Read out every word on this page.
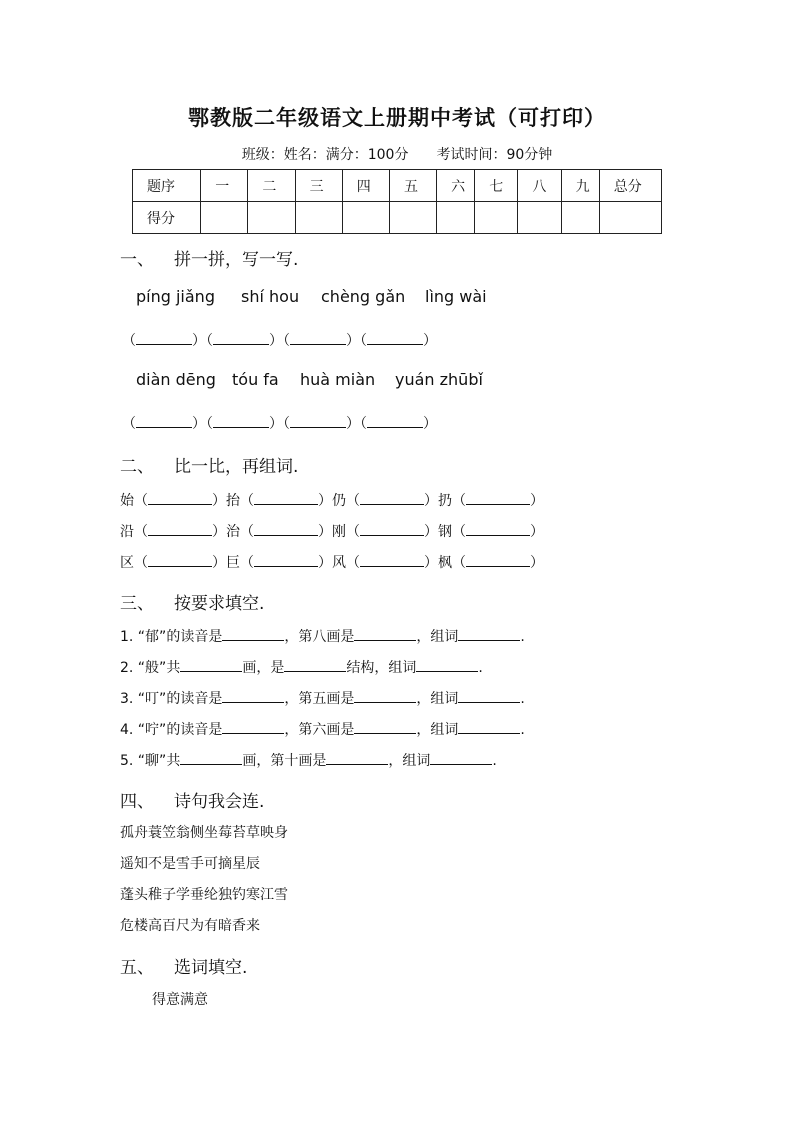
鄂教版二年级语文上册期中考试（可打印）
班级：姓名：满分：100分　　考试时间：90分钟
题序	一	二	三	四	五	六	七	八	九	总分
得分										
一、 拼一拼，写一写.
píng jiǎng shí hou chèng gǎn lìng wài
（	）（	）（	）（	）
diàn dēng tóu fa huà miàn yuán zhūbǐ
（	）（	）（	）（	）
二、 比一比，再组词.
始（	）抬（	）仍（	）扔（	）
沿（	）治（	）刚（	）钢（	）
区（	）巨（	）风（	）枫（	）
三、 按要求填空.
1. “郁”的读音是	，第八画是	，组词	.
2. “般”共	画，是	结构，组词	.
3. “叮”的读音是	，第五画是	，组词	.
4. “咛”的读音是	，第六画是	，组词	.
5. “聊”共	画，第十画是	，组词	.
四、 诗句我会连.
孤舟蓑笠翁侧坐莓苔草映身
遥知不是雪手可摘星辰
蓬头稚子学垂纶独钓寒江雪
危楼高百尺为有暗香来
五、 选词填空.
得意满意
